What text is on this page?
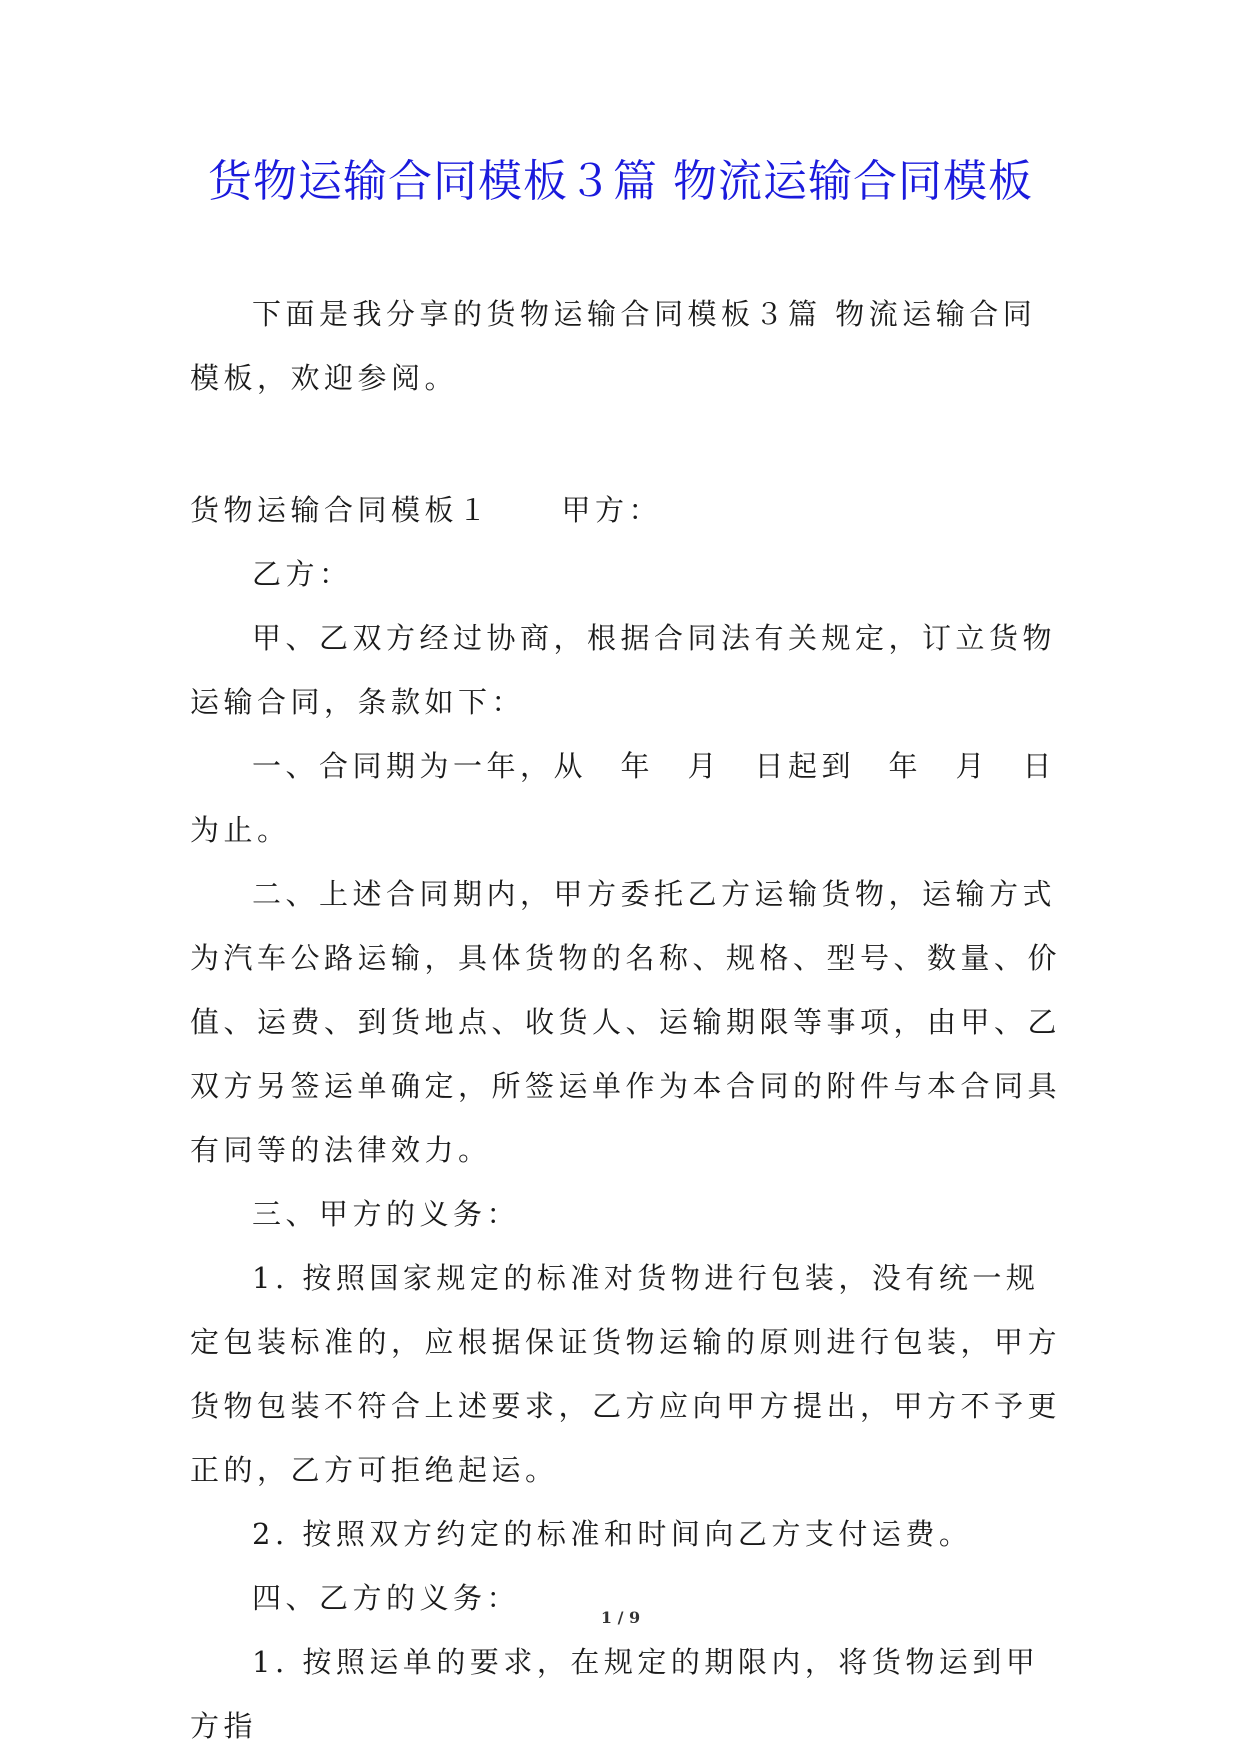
货物运输合同模板３篇 物流运输合同模板

下面是我分享的货物运输合同模板３篇 物流运输合同模板，欢迎参阅。

货物运输合同模板１ 甲方：

乙方：

甲、乙双方经过协商，根据合同法有关规定，订立货物运输合同，条款如下：

一、合同期为一年，从　年　月　日起到　年　月　日为止。

二、上述合同期内，甲方委托乙方运输货物，运输方式为汽车公路运输，具体货物的名称、规格、型号、数量、价值、运费、到货地点、收货人、运输期限等事项，由甲、乙双方另签运单确定，所签运单作为本合同的附件与本合同具有同等的法律效力。

三、甲方的义务：

1. 按照国家规定的标准对货物进行包装，没有统一规定包装标准的，应根据保证货物运输的原则进行包装，甲方货物包装不符合上述要求，乙方应向甲方提出，甲方不予更正的，乙方可拒绝起运。

2. 按照双方约定的标准和时间向乙方支付运费。

四、乙方的义务：

1. 按照运单的要求，在规定的期限内，将货物运到甲方指

1 / 9
